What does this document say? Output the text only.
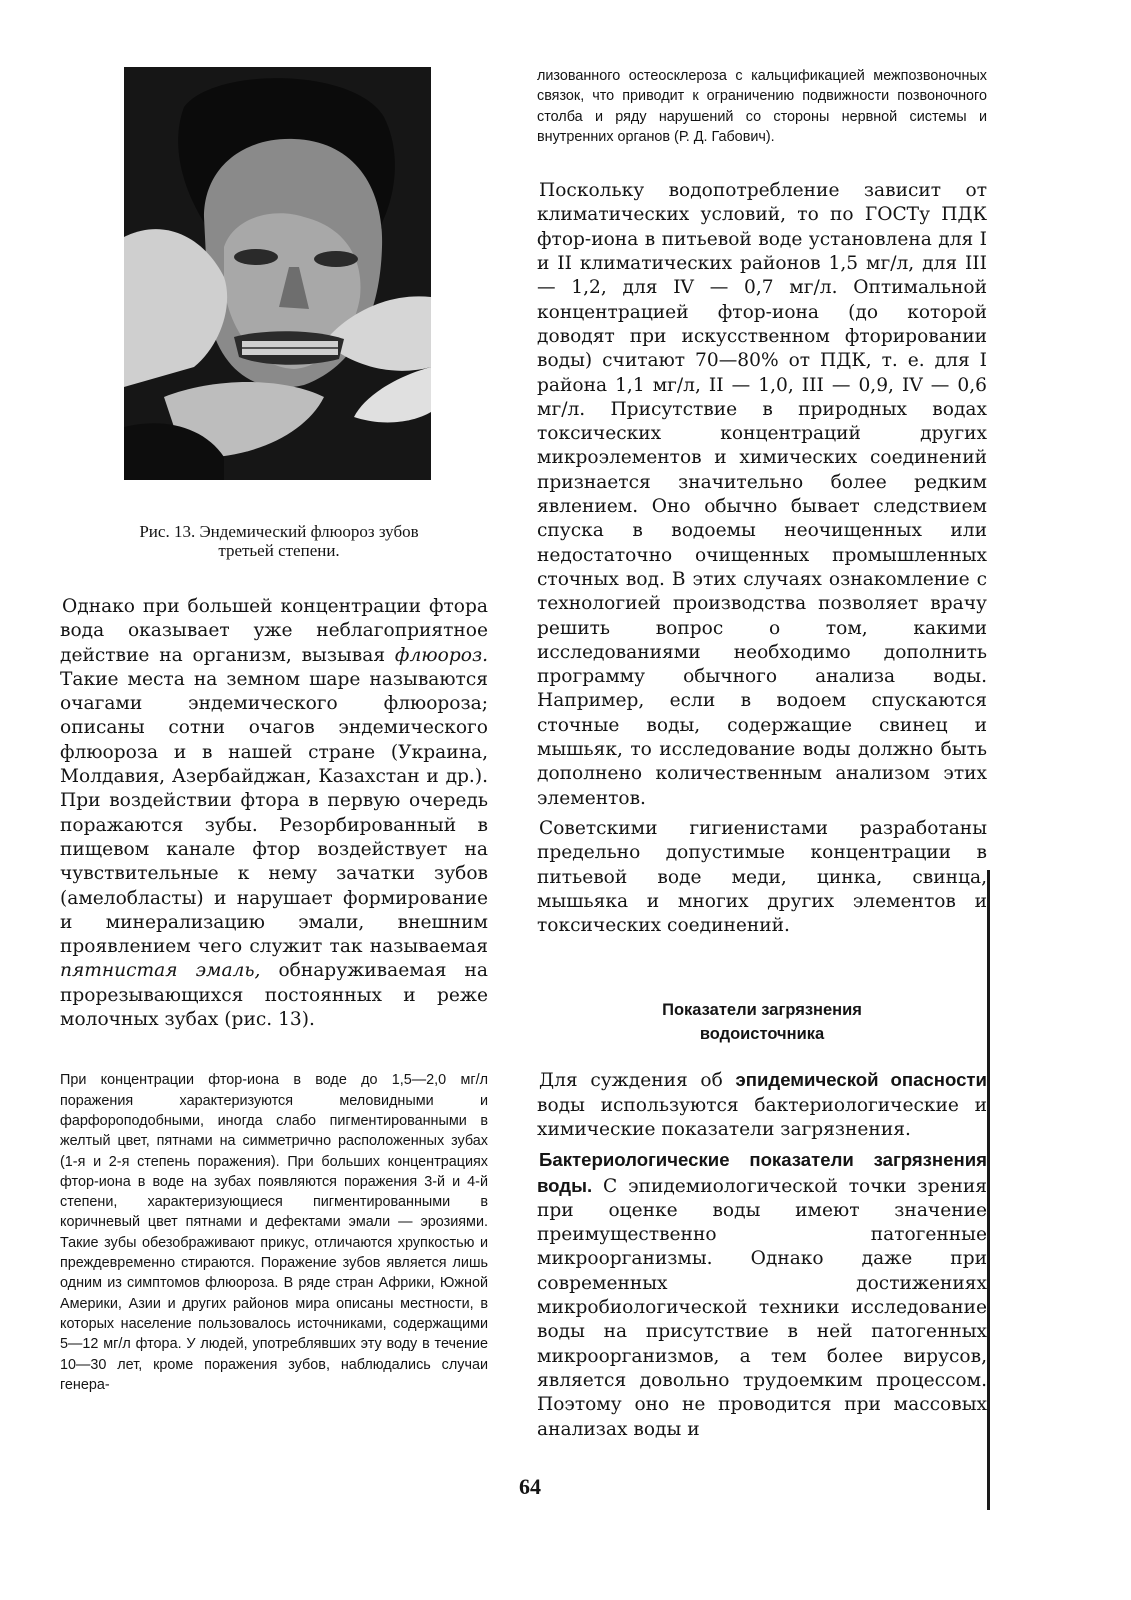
Рис. 13. Эндемический флюороз зубов
третьей степени.

Однако при большей концентрации фтора вода оказывает уже неблагоприятное действие на организм, вызывая флюороз. Такие места на земном шаре называются очагами эндемического флюороза; описаны сотни очагов эндемического флюороза и в нашей стране (Украина, Молдавия, Азербайджан, Казахстан и др.). При воздействии фтора в первую очередь поражаются зубы. Резорбированный в пищевом канале фтор воздействует на чувствительные к нему зачатки зубов (амелобласты) и нарушает формирование и минерализацию эмали, внешним проявлением чего служит так называемая пятнистая эмаль, обнаруживаемая на прорезывающихся постоянных и реже молочных зубах (рис. 13).

При концентрации фтор-иона в воде до 1,5—2,0 мг/л поражения характеризуются меловидными и фарфороподобными, иногда слабо пигментированными в желтый цвет, пятнами на симметрично расположенных зубах (1-я и 2-я степень поражения). При больших концентрациях фтор-иона в воде на зубах появляются поражения 3-й и 4-й степени, характеризующиеся пигментированными в коричневый цвет пятнами и дефектами эмали — эрозиями. Такие зубы обезображивают прикус, отличаются хрупкостью и преждевременно стираются. Поражение зубов является лишь одним из симптомов флюороза. В ряде стран Африки, Южной Америки, Азии и других районов мира описаны местности, в которых население пользовалось источниками, содержащими 5—12 мг/л фтора. У людей, употреблявших эту воду в течение 10—30 лет, кроме поражения зубов, наблюдались случаи генера-

лизованного остеосклероза с кальцификацией межпозвоночных связок, что приводит к ограничению подвижности позвоночного столба и ряду нарушений со стороны нервной системы и внутренних органов (Р. Д. Габович).

Поскольку водопотребление зависит от климатических условий, то по ГОСТу ПДК фтор-иона в питьевой воде установлена для I и II климатических районов 1,5 мг/л, для III — 1,2, для IV — 0,7 мг/л. Оптимальной концентрацией фтор-иона (до которой доводят при искусственном фторировании воды) считают 70—80% от ПДК, т. е. для I района 1,1 мг/л, II — 1,0, III — 0,9, IV — 0,6 мг/л. Присутствие в природных водах токсических концентраций других микроэлементов и химических соединений признается значительно более редким явлением. Оно обычно бывает следствием спуска в водоемы неочищенных или недостаточно очищенных промышленных сточных вод. В этих случаях ознакомление с технологией производства позволяет врачу решить вопрос о том, какими исследованиями необходимо дополнить программу обычного анализа воды. Например, если в водоем спускаются сточные воды, содержащие свинец и мышьяк, то исследование воды должно быть дополнено количественным анализом этих элементов.

Советскими гигиенистами разработаны предельно допустимые концентрации в питьевой воде меди, цинка, свинца, мышьяка и многих других элементов и токсических соединений.

Показатели загрязнения

водоисточника

Для суждения об эпидемической опасности воды используются бактериологические и химические показатели загрязнения.

Бактериологические показатели загрязнения воды. С эпидемиологической точки зрения при оценке воды имеют значение преимущественно патогенные микроорганизмы. Однако даже при современных достижениях микробиологической техники исследование воды на присутствие в ней патогенных микроорганизмов, а тем более вирусов, является довольно трудоемким процессом. Поэтому оно не проводится при массовых анализах воды и

64
